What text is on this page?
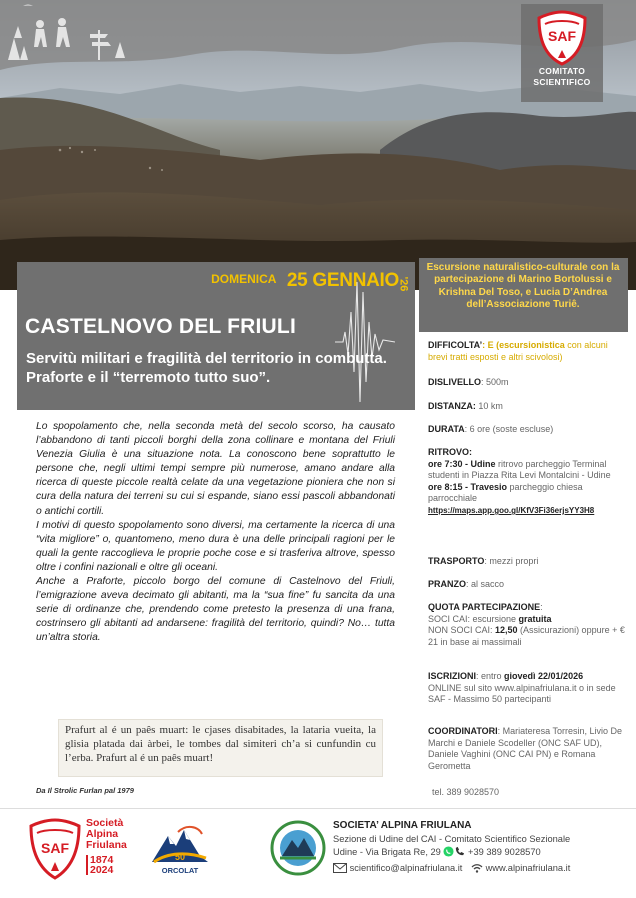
SAF
COMITATO SCIENTIFICO
DOMENICA 25 GENNAIO
'26
CASTELNOVO DEL FRIULI
Servitù militari e fragilità del territorio in combutta. Praforte e il “terremoto tutto suo”.

Lo spopolamento che, nella seconda metà del secolo scorso, ha causato l’abbandono di tanti piccoli borghi della zona collinare e montana del Friuli Venezia Giulia è una situazione nota. La conoscono bene soprattutto le persone che, negli ultimi tempi sempre più numerose, amano andare alla ricerca di queste piccole realtà celate da una vegetazione pioniera che non si cura della natura dei terreni su cui si espande, siano essi pascoli abbandonati o antichi cortili.

I motivi di questo spopolamento sono diversi, ma certamente la ricerca di una “vita migliore” o, quantomeno, meno dura è una delle principali ragioni per le quali la gente raccoglieva le proprie poche cose e si trasferiva altrove, spesso oltre i confini nazionali e oltre gli oceani.

Anche a Praforte, piccolo borgo del comune di Castelnovo del Friuli, l’emigrazione aveva decimato gli abitanti, ma la “sua fine” fu sancita da una serie di ordinanze che, prendendo come pretesto la presenza di una frana, costrinsero gli abitanti ad andarsene: fragilità del territorio, quindi? No… tutta un’altra storia.

Prafurt al é un paês muart: le cjases disabitades, la lataria vueita, la glisia platada dai àrbei, le tombes dal simiteri ch’a si cunfundin cu l’erba. Prafurt al é un paês muart!
Da Il Strolic Furlan pal 1979
Escursione naturalistico-culturale con la partecipazione di Marino Bortolussi e Krishna Del Toso, e Lucia D’Andrea dell’Associazione Turiê.
DIFFICOLTA’: E (escursionistica con alcuni brevi tratti esposti e altri scivolosi)
DISLIVELLO: 500m
DISTANZA: 10 km
DURATA: 6 ore (soste escluse)
RITROVO:
ore 7:30 - Udine ritrovo parcheggio Terminal studenti in Piazza Rita Levi Montalcini - Udine
ore 8:15 - Travesio parcheggio chiesa parrocchiale
https://maps.app.goo.gl/KfV3Fi36erjsYY3H8
TRASPORTO: mezzi propri
PRANZO: al sacco
QUOTA PARTECIPAZIONE:
SOCI CAI: escursione gratuita
NON SOCI CAI: 12,50 (Assicurazioni) oppure + € 21 in base ai massimali
ISCRIZIONI: entro giovedì 22/01/2026
ONLINE sul sito www.alpinafriulana.it o in sede SAF - Massimo 50 partecipanti
COORDINATORI: Mariateresa Torresin, Livio De Marchi e Daniele Scodeller (ONC SAF UD), Daniele Vaghini (ONC CAI PN) e Romana Gerometta
tel. 389 9028570
SAF
Società
Alpina
Friulana
1874
2024
50
ORCOLAT
SOCIETA’ ALPINA FRIULANA
Sezione di Udine del CAI - Comitato Scientifico Sezionale
Udine - Via Brigata Re, 29	+39 389 9028570
scientifico@alpinafriulana.it www.alpinafriulana.it
